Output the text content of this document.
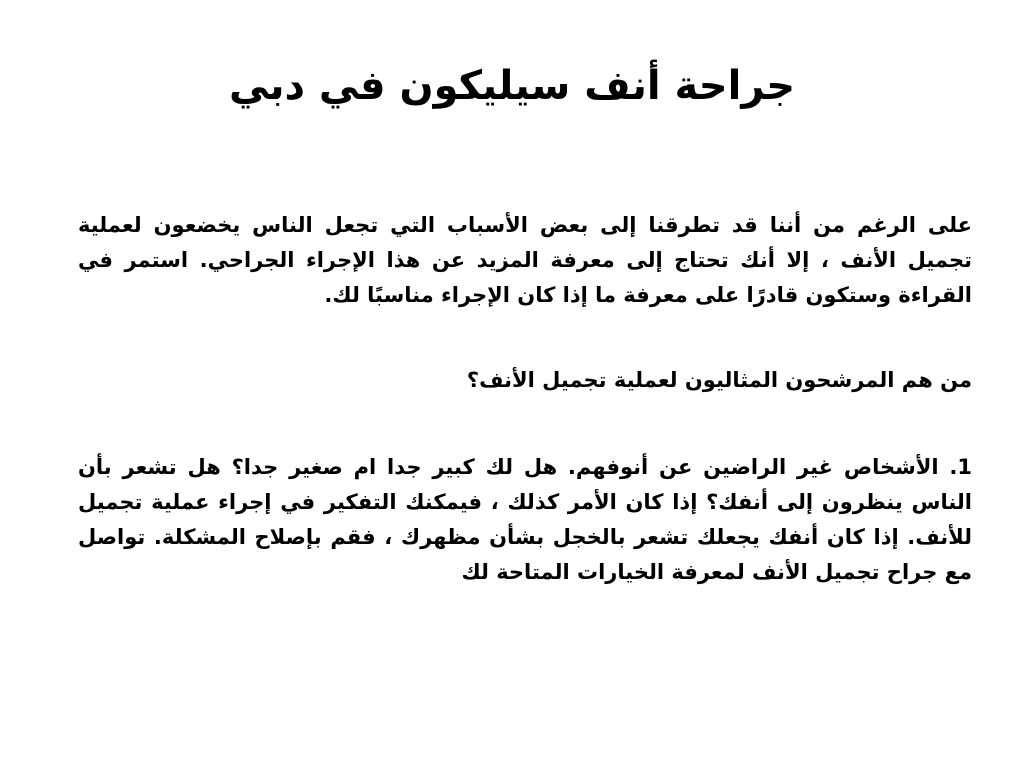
جراحة أنف سيليكون في دبي

على الرغم من أننا قد تطرقنا إلى بعض الأسباب التي تجعل الناس يخضعون لعملية تجميل الأنف ، إلا أنك تحتاج إلى معرفة المزيد عن هذا الإجراء الجراحي. استمر في القراءة وستكون قادرًا على معرفة ما إذا كان الإجراء مناسبًا لك.

من هم المرشحون المثاليون لعملية تجميل الأنف؟

1. الأشخاص غير الراضين عن أنوفهم. هل لك كبير جدا ام صغير جدا؟ هل تشعر بأن الناس ينظرون إلى أنفك؟ إذا كان الأمر كذلك ، فيمكنك التفكير في إجراء عملية تجميل للأنف. إذا كان أنفك يجعلك تشعر بالخجل بشأن مظهرك ، فقم بإصلاح المشكلة. تواصل مع جراح تجميل الأنف لمعرفة الخيارات المتاحة لك
